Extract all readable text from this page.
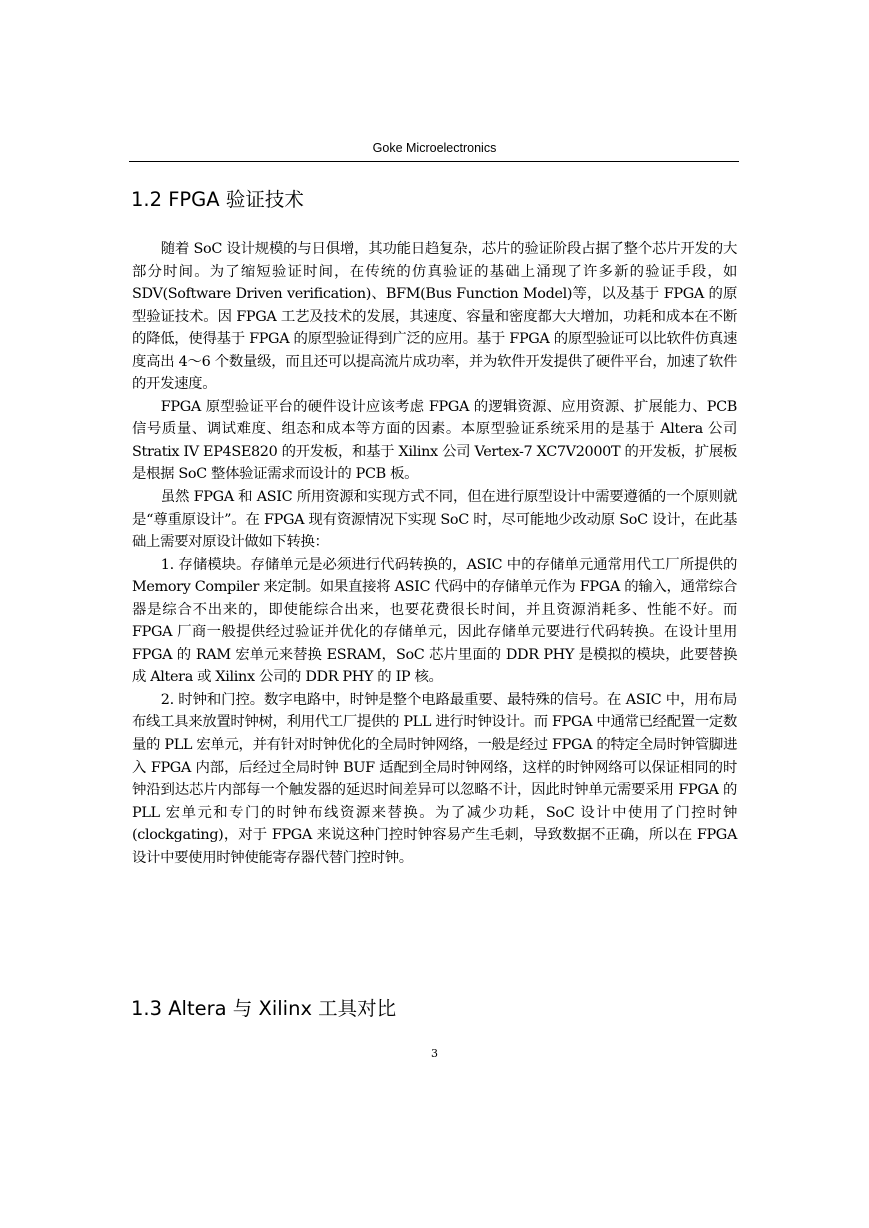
Goke Microelectronics
1.2 FPGA 验证技术

随着 SoC 设计规模的与日俱增，其功能日趋复杂，芯片的验证阶段占据了整个芯片开发的大部分时间。为了缩短验证时间，在传统的仿真验证的基础上涌现了许多新的验证手段，如 SDV(Software Driven verification)、BFM(Bus Function Model)等，以及基于 FPGA 的原型验证技术。因 FPGA 工艺及技术的发展，其速度、容量和密度都大大增加，功耗和成本在不断的降低，使得基于 FPGA 的原型验证得到广泛的应用。基于 FPGA 的原型验证可以比软件仿真速度高出 4～6 个数量级，而且还可以提高流片成功率，并为软件开发提供了硬件平台，加速了软件的开发速度。

FPGA 原型验证平台的硬件设计应该考虑 FPGA 的逻辑资源、应用资源、扩展能力、PCB 信号质量、调试难度、组态和成本等方面的因素。本原型验证系统采用的是基于 Altera 公司 Stratix IV EP4SE820 的开发板，和基于 Xilinx 公司 Vertex-7 XC7V2000T 的开发板，扩展板是根据 SoC 整体验证需求而设计的 PCB 板。

虽然 FPGA 和 ASIC 所用资源和实现方式不同，但在进行原型设计中需要遵循的一个原则就是“尊重原设计”。在 FPGA 现有资源情况下实现 SoC 时，尽可能地少改动原 SoC 设计，在此基础上需要对原设计做如下转换：

1. 存储模块。存储单元是必须进行代码转换的，ASIC 中的存储单元通常用代工厂所提供的 Memory Compiler 来定制。如果直接将 ASIC 代码中的存储单元作为 FPGA 的输入，通常综合器是综合不出来的，即使能综合出来，也要花费很长时间，并且资源消耗多、性能不好。而 FPGA 厂商一般提供经过验证并优化的存储单元，因此存储单元要进行代码转换。在设计里用 FPGA 的 RAM 宏单元来替换 ESRAM，SoC 芯片里面的 DDR PHY 是模拟的模块，此要替换成 Altera 或 Xilinx 公司的 DDR PHY 的 IP 核。

2. 时钟和门控。数字电路中，时钟是整个电路最重要、最特殊的信号。在 ASIC 中，用布局布线工具来放置时钟树，利用代工厂提供的 PLL 进行时钟设计。而 FPGA 中通常已经配置一定数量的 PLL 宏单元，并有针对时钟优化的全局时钟网络，一般是经过 FPGA 的特定全局时钟管脚进入 FPGA 内部，后经过全局时钟 BUF 适配到全局时钟网络，这样的时钟网络可以保证相同的时钟沿到达芯片内部每一个触发器的延迟时间差异可以忽略不计，因此时钟单元需要采用 FPGA 的 PLL 宏单元和专门的时钟布线资源来替换。为了减少功耗，SoC 设计中使用了门控时钟(clockgating)，对于 FPGA 来说这种门控时钟容易产生毛刺，导致数据不正确，所以在 FPGA 设计中要使用时钟使能寄存器代替门控时钟。

1.3 Altera 与 Xilinx 工具对比
3
